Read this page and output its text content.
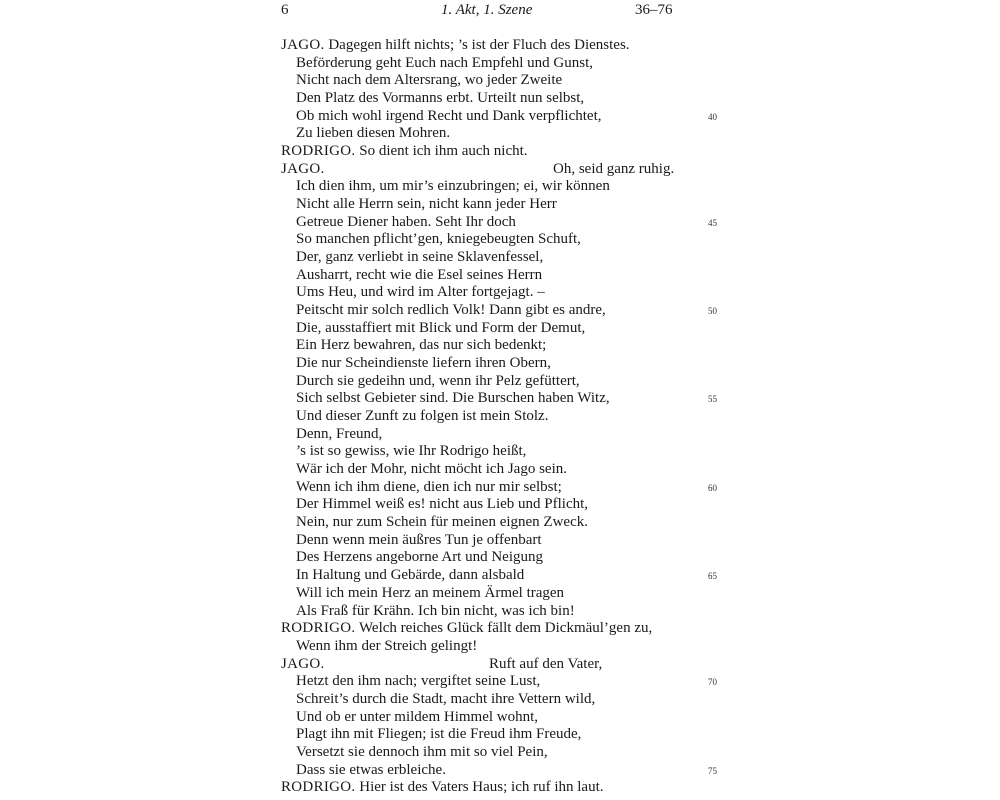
6	1. Akt, 1. Szene	36–76
JAGO. Dagegen hilft nichts; ’s ist der Fluch des Dienstes.
Beförderung geht Euch nach Empfehl und Gunst,
Nicht nach dem Altersrang, wo jeder Zweite
Den Platz des Vormanns erbt. Urteilt nun selbst,
Ob mich wohl irgend Recht und Dank verpflichtet,	40
Zu lieben diesen Mohren.
RODRIGO. So dient ich ihm auch nicht.
JAGO.	Oh, seid ganz ruhig.
Ich dien ihm, um mir’s einzubringen; ei, wir können
Nicht alle Herrn sein, nicht kann jeder Herr
Getreue Diener haben. Seht Ihr doch	45
So manchen pflicht’gen, kniegebeugten Schuft,
Der, ganz verliebt in seine Sklavenfessel,
Ausharrt, recht wie die Esel seines Herrn
Ums Heu, und wird im Alter fortgejagt. –
Peitscht mir solch redlich Volk! Dann gibt es andre,	50
Die, ausstaffiert mit Blick und Form der Demut,
Ein Herz bewahren, das nur sich bedenkt;
Die nur Scheindienste liefern ihren Obern,
Durch sie gedeihn und, wenn ihr Pelz gefüttert,
Sich selbst Gebieter sind. Die Burschen haben Witz,	55
Und dieser Zunft zu folgen ist mein Stolz.
Denn, Freund,
’s ist so gewiss, wie Ihr Rodrigo heißt,
Wär ich der Mohr, nicht möcht ich Jago sein.
Wenn ich ihm diene, dien ich nur mir selbst;	60
Der Himmel weiß es! nicht aus Lieb und Pflicht,
Nein, nur zum Schein für meinen eignen Zweck.
Denn wenn mein äußres Tun je offenbart
Des Herzens angeborne Art und Neigung
In Haltung und Gebärde, dann alsbald	65
Will ich mein Herz an meinem Ärmel tragen
Als Fraß für Krähn. Ich bin nicht, was ich bin!
RODRIGO. Welch reiches Glück fällt dem Dickmäul’gen zu,
Wenn ihm der Streich gelingt!
JAGO.	Ruft auf den Vater,
Hetzt den ihm nach; vergiftet seine Lust,	70
Schreit’s durch die Stadt, macht ihre Vettern wild,
Und ob er unter mildem Himmel wohnt,
Plagt ihn mit Fliegen; ist die Freud ihm Freude,
Versetzt sie dennoch ihm mit so viel Pein,
Dass sie etwas erbleiche.	75
RODRIGO. Hier ist des Vaters Haus; ich ruf ihn laut.
